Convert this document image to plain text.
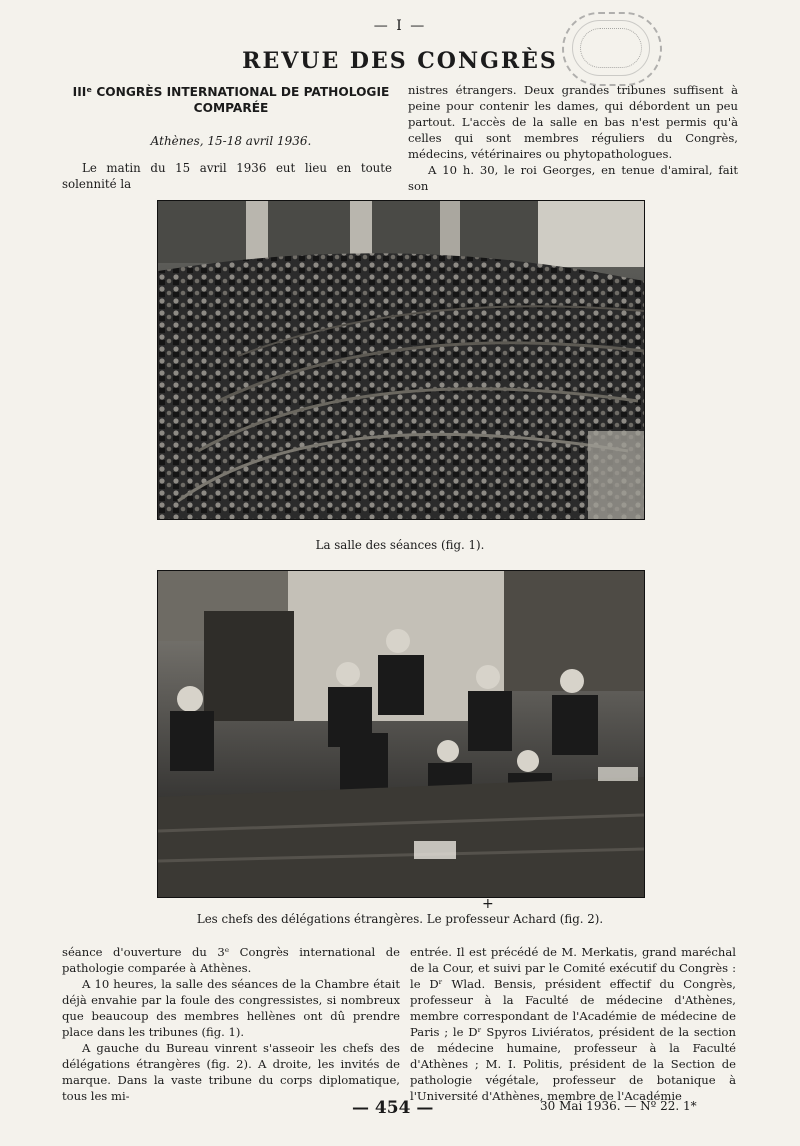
— I —
REVUE DES CONGRÈS
IIIᵉ CONGRÈS INTERNATIONAL DE PATHOLOGIE
COMPARÉE
Athènes, 15-18 avril 1936.
Le matin du 15 avril 1936 eut lieu en toute solennité la

nistres étrangers. Deux grandes tribunes suffisent à peine pour contenir les dames, qui débordent un peu partout. L'accès de la salle en bas n'est permis qu'à celles qui sont membres réguliers du Congrès, médecins, vétérinaires ou phytopathologues.

A 10 h. 30, le roi Georges, en tenue d'amiral, fait son

La salle des séances (fig. 1).
+
Les chefs des délégations étrangères. Le professeur Achard (fig. 2).

séance d'ouverture du 3ᵉ Congrès international de pathologie comparée à Athènes.

A 10 heures, la salle des séances de la Chambre était déjà envahie par la foule des congressistes, si nombreux que beaucoup des membres hellènes ont dû prendre place dans les tribunes (fig. 1).

A gauche du Bureau vinrent s'asseoir les chefs des délégations étrangères (fig. 2). A droite, les invités de marque. Dans la vaste tribune du corps diplomatique, tous les mi-

entrée. Il est précédé de M. Merkatis, grand maréchal de la Cour, et suivi par le Comité exécutif du Congrès : le Dʳ Wlad. Bensis, président effectif du Congrès, professeur à la Faculté de médecine d'Athènes, membre correspondant de l'Académie de médecine de Paris ; le Dʳ Spyros Liviératos, président de la section de médecine humaine, professeur à la Faculté d'Athènes ; M. I. Politis, président de la Section de pathologie végétale, professeur de botanique à l'Université d'Athènes, membre de l'Académie

— 454 —	30 Mai 1936. — Nº 22. 1*
